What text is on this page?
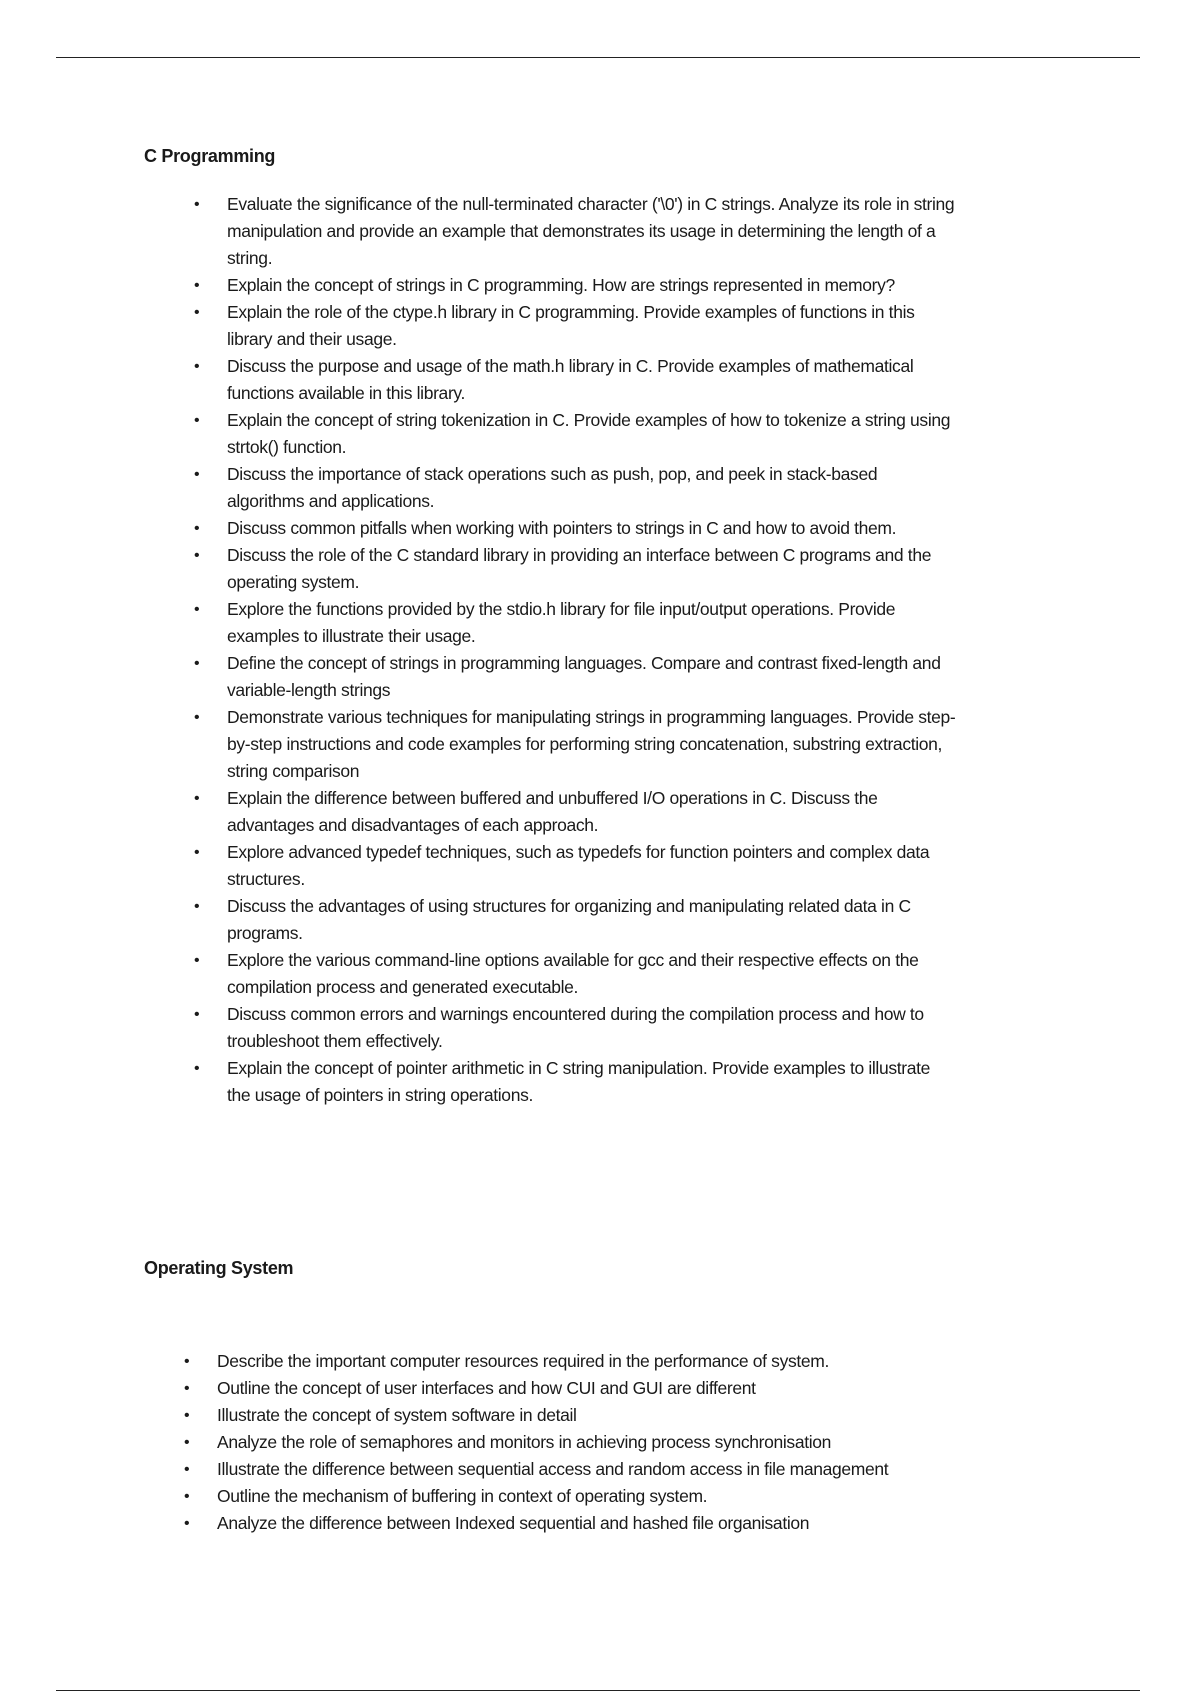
C Programming
• Evaluate the significance of the null-terminated character ('\0') in C strings. Analyze its role in string manipulation and provide an example that demonstrates its usage in determining the length of a string.
• Explain the concept of strings in C programming. How are strings represented in memory?
• Explain the role of the ctype.h library in C programming. Provide examples of functions in this library and their usage.
• Discuss the purpose and usage of the math.h library in C. Provide examples of mathematical functions available in this library.
• Explain the concept of string tokenization in C. Provide examples of how to tokenize a string using strtok() function.
• Discuss the importance of stack operations such as push, pop, and peek in stack-based algorithms and applications.
• Discuss common pitfalls when working with pointers to strings in C and how to avoid them.
• Discuss the role of the C standard library in providing an interface between C programs and the operating system.
• Explore the functions provided by the stdio.h library for file input/output operations. Provide examples to illustrate their usage.
• Define the concept of strings in programming languages. Compare and contrast fixed-length and variable-length strings
• Demonstrate various techniques for manipulating strings in programming languages. Provide step-by-step instructions and code examples for performing string concatenation, substring extraction, string comparison
• Explain the difference between buffered and unbuffered I/O operations in C. Discuss the advantages and disadvantages of each approach.
• Explore advanced typedef techniques, such as typedefs for function pointers and complex data structures.
• Discuss the advantages of using structures for organizing and manipulating related data in C programs.
• Explore the various command-line options available for gcc and their respective effects on the compilation process and generated executable.
• Discuss common errors and warnings encountered during the compilation process and how to troubleshoot them effectively.
• Explain the concept of pointer arithmetic in C string manipulation. Provide examples to illustrate the usage of pointers in string operations.
Operating System
• Describe the important computer resources required in the performance of system.
• Outline the concept of user interfaces and how CUI and GUI are different
• Illustrate the concept of system software in detail
• Analyze the role of semaphores and monitors in achieving process synchronisation
• Illustrate the difference between sequential access and random access in file management
• Outline the mechanism of buffering in context of operating system.
• Analyze the difference between Indexed sequential and hashed file organisation
